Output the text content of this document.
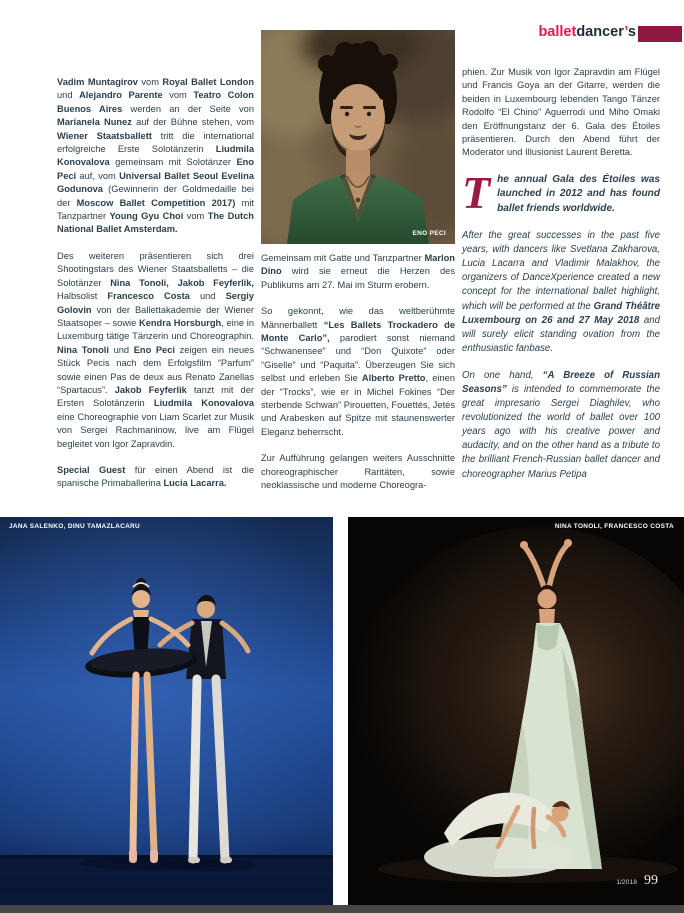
balletdancer’s

Vadim Muntagirov vom Royal Ballet London und Alejandro Parente vom Teatro Colon Buenos Aires werden an der Seite von Marianela Nunez auf der Bühne stehen, vom Wiener Staatsballett tritt die international erfolgreiche Erste Solotänzerin Liudmila Konovalova gemeinsam mit Solotänzer Eno Peci auf, vom Universal Ballet Seoul Evelina Godunova (Gewinnerin der Goldmedaille bei der Moscow Ballet Competition 2017) mit Tanzpartner Young Gyu Choi vom The Dutch National Ballet Amsterdam.

Des weiteren präsentieren sich drei Shootingstars des Wiener Staatsballetts – die Solotänzer Nina Tonoli, Jakob Feyferlik, Halbsolist Francesco Costa und Sergiy Golovin von der Ballettakademie der Wiener Staatsoper – sowie Kendra Horsburgh, eine in Luxemburg tätige Tänzerin und Choreographin. Nina Tonoli und Eno Peci zeigen ein neues Stück Pecis nach dem Erfolgsfilm “Parfum” sowie einen Pas de deux aus Renato Zanellas “Spartacus”. Jakob Feyferlik tanzt mit der Ersten Solotänzerin Liudmila Konovalova eine Choreographie von Liam Scarlet zur Musik von Sergei Rachmaninow, live am Flügel begleitet von Igor Zapravdin.

Special Guest für einen Abend ist die spanische Primaballerina Lucia Lacarra.

ENO PECI

Gemeinsam mit Gatte und Tanzpartner Marlon Dino wird sie erneut die Herzen des Publikums am 27. Mai im Sturm erobern.

So gekonnt, wie das weltberühmte Männerballett “Les Ballets Trockadero de Monte Carlo”, parodiert sonst niemand “Schwanensee” und “Don Quixote” oder “Giselle” und “Paquita”. Überzeugen Sie sich selbst und erleben Sie Alberto Pretto, einen der “Trocks”, wie er in Michel Fokines “Der sterbende Schwan” Pirouetten, Fouettés, Jetés und Arabesken auf Spitze mit staunenswerter Eleganz beherrscht.

Zur Aufführung gelangen weiters Ausschnitte choreographischer Raritäten, sowie neoklassische und moderne Choreogra-

phien. Zur Musik von Igor Zapravdin am Flügel und Francis Goya an der Gitarre, werden die beiden in Luxembourg lebenden Tango Tänzer Rodolfo “El Chino” Aguerrodi und Miho Omaki den Eröffnungstanz der 6. Gala des Étoiles präsentieren. Durch den Abend führt der Moderator und Illusionist Laurent Beretta.

The annual Gala des Étoiles was launched in 2012 and has found ballet friends worldwide.

After the great successes in the past five years, with dancers like Svetlana Zakharova, Lucia Lacarra and Vladimir Malakhov, the organizers of DanceXperience created a new concept for the international ballet highlight, which will be performed at the Grand Théâtre Luxembourg on 26 and 27 May 2018 and will surely elicit standing ovation from the enthusiastic fanbase.

On one hand, “A Breeze of Russian Seasons” is intended to commemorate the great impresario Sergei Diaghilev, who revolutionized the world of ballet over 100 years ago with his creative power and audacity, and on the other hand as a tribute to the brilliant French-Russian ballet dancer and choreographer Marius Petipa

JANA SALENKO, DINU TAMAZLACARU	NINA TONOLI, FRANCESCO COSTA
1/2018 99
